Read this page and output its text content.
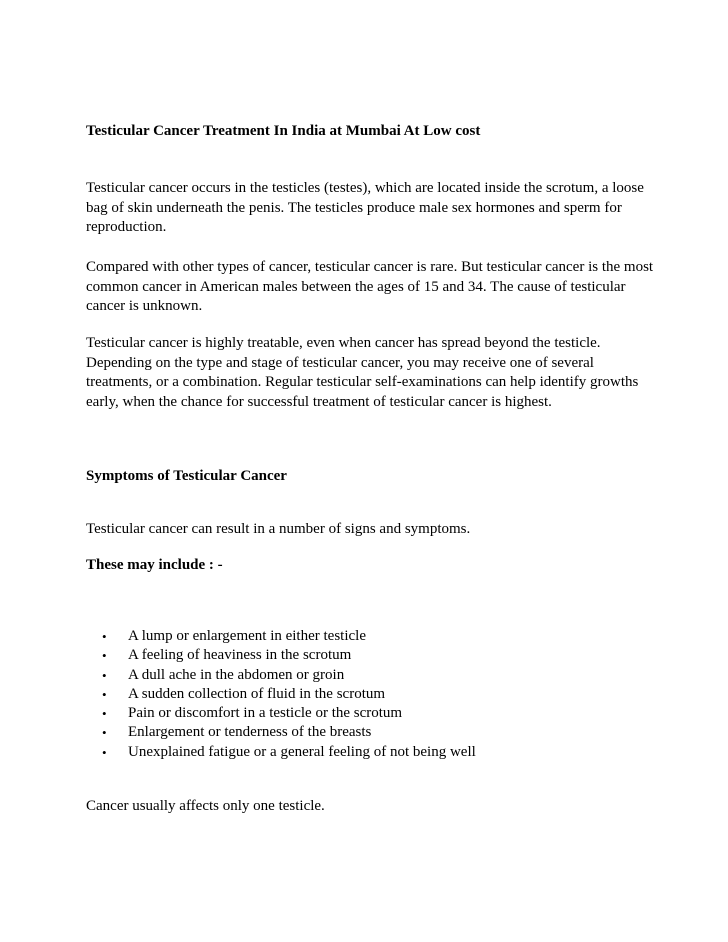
Testicular Cancer Treatment In India at Mumbai At Low cost

Testicular cancer occurs in the testicles (testes), which are located inside the scrotum, a loose bag of skin underneath the penis. The testicles produce male sex hormones and sperm for reproduction.

Compared with other types of cancer, testicular cancer is rare. But testicular cancer is the most common cancer in American males between the ages of 15 and 34. The cause of testicular cancer is unknown.

Testicular cancer is highly treatable, even when cancer has spread beyond the testicle. Depending on the type and stage of testicular cancer, you may receive one of several treatments, or a combination. Regular testicular self-examinations can help identify growths early, when the chance for successful treatment of testicular cancer is highest.

Symptoms of Testicular Cancer

Testicular cancer can result in a number of signs and symptoms.

These may include : -

• A lump or enlargement in either testicle
• A feeling of heaviness in the scrotum
• A dull ache in the abdomen or groin
• A sudden collection of fluid in the scrotum
• Pain or discomfort in a testicle or the scrotum
• Enlargement or tenderness of the breasts
• Unexplained fatigue or a general feeling of not being well

Cancer usually affects only one testicle.
